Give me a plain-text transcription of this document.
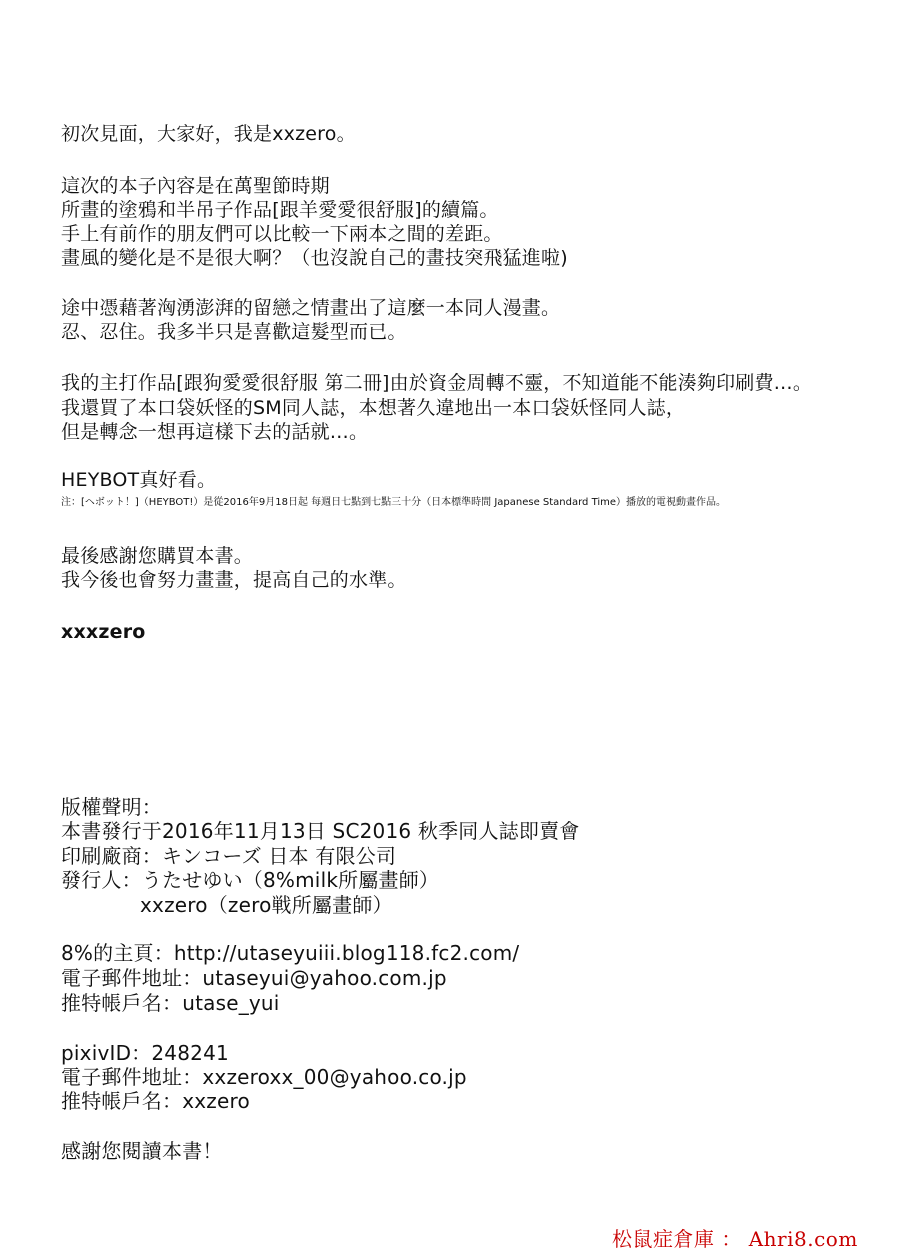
初次見面，大家好，我是xxzero。
這次的本子內容是在萬聖節時期
所畫的塗鴉和半吊子作品[跟羊愛愛很舒服]的續篇。
手上有前作的朋友們可以比較一下兩本之間的差距。
畫風的變化是不是很大啊？（也沒說自己的畫技突飛猛進啦)
途中憑藉著洶湧澎湃的留戀之情畫出了這麼一本同人漫畫。
忍、忍住。我多半只是喜歡這髮型而已。
我的主打作品[跟狗愛愛很舒服 第二冊]由於資金周轉不靈，不知道能不能湊夠印刷費…。
我還買了本口袋妖怪的SM同人誌，本想著久違地出一本口袋妖怪同人誌，
但是轉念一想再這樣下去的話就…。
HEYBOT真好看。
注：[ヘボット！]（HEYBOT!）是從2016年9月18日起 每週日七點到七點三十分（日本標準時間 Japanese Standard Time）播放的電視動畫作品。
最後感謝您購買本書。
我今後也會努力畫畫，提高自己的水準。
xxxzero
版權聲明：
本書發行于2016年11月13日 SC2016 秋季同人誌即賣會
印刷廠商：キンコーズ 日本 有限公司
發行人：うたせゆい（8%milk所屬畫師）
xxzero（zero戦所屬畫師）
8%的主頁：http://utaseyuiii.blog118.fc2.com/
電子郵件地址：utaseyui@yahoo.com.jp
推特帳戶名：utase_yui
pixivID：248241
電子郵件地址：xxzeroxx_00@yahoo.co.jp
推特帳戶名：xxzero
感謝您閱讀本書！
松鼠症倉庫 ： Ahri8.com
